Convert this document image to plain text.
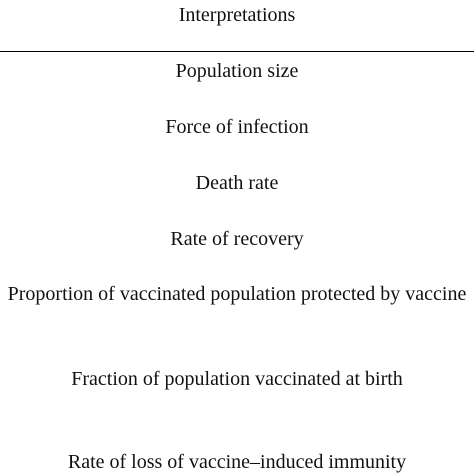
Interpretations
Population size
Force of infection
Death rate
Rate of recovery
Proportion of vaccinated population protected by vaccine
Fraction of population vaccinated at birth
Rate of loss of vaccine–induced immunity
